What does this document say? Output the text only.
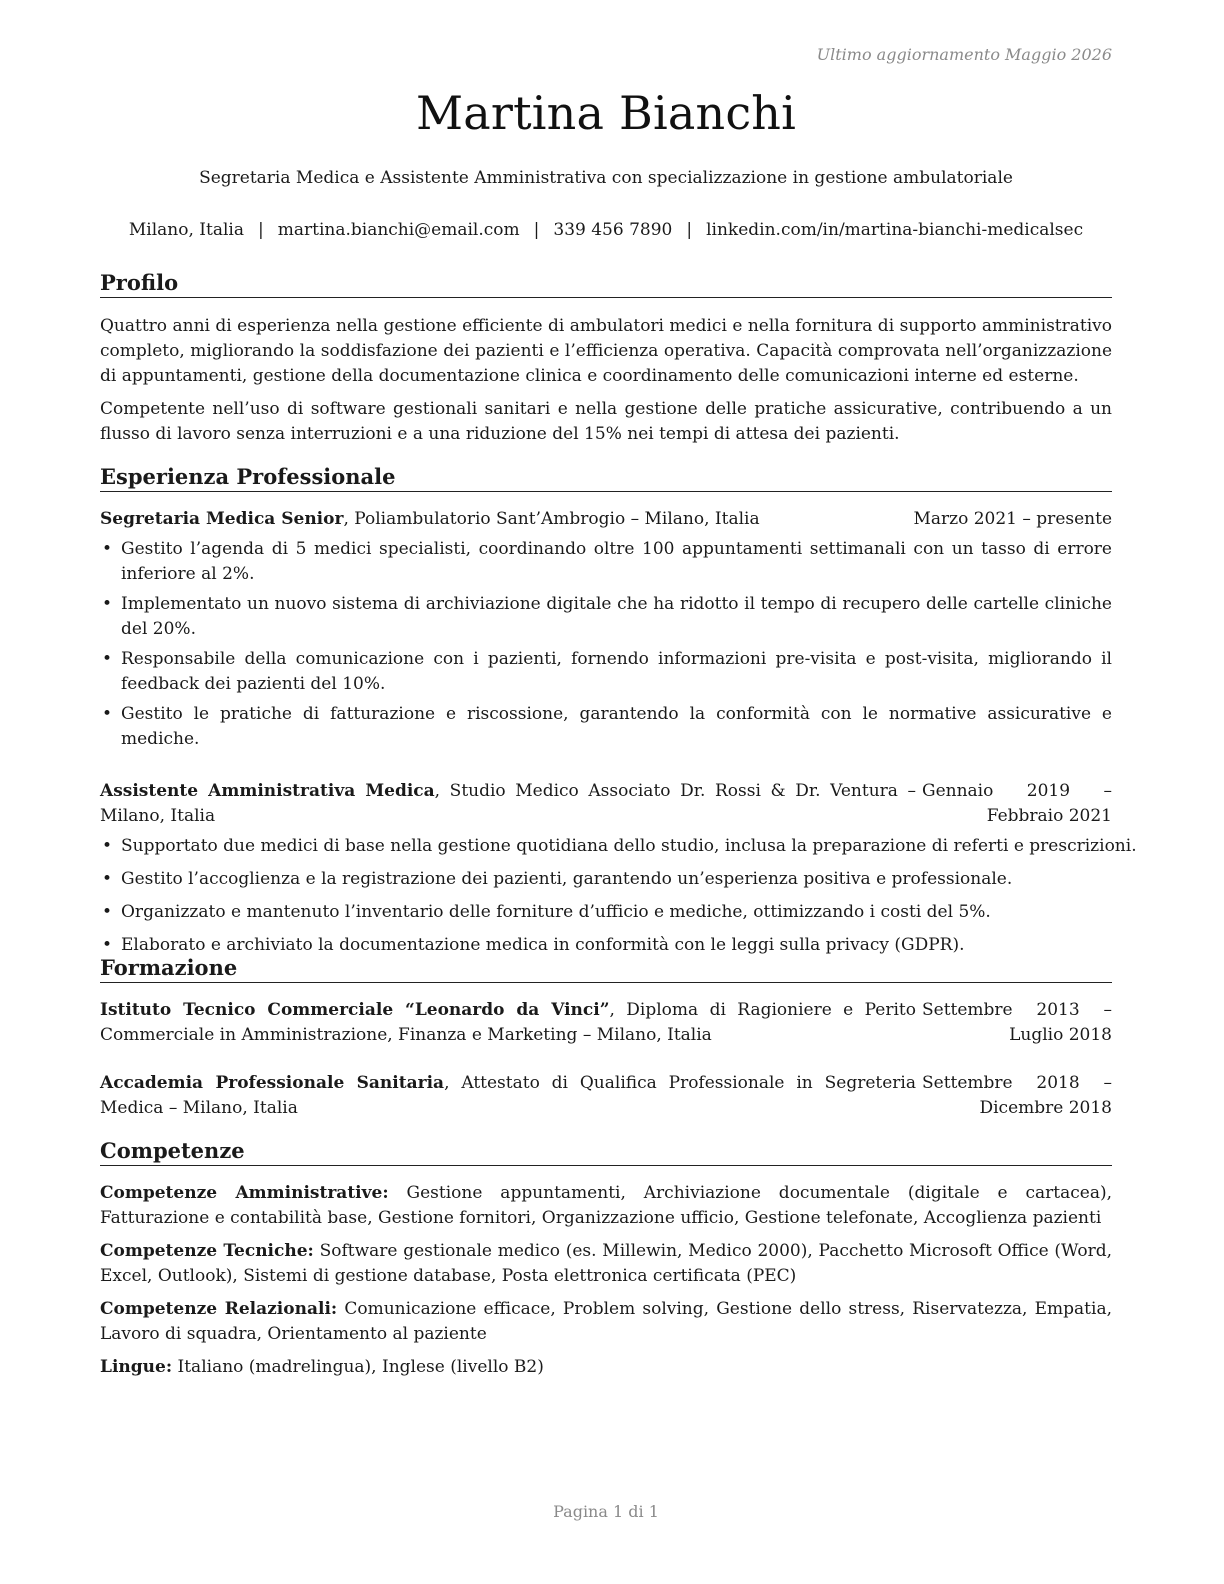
Ultimo aggiornamento Maggio 2026
Martina Bianchi
Segretaria Medica e Assistente Amministrativa con specializzazione in gestione ambulatoriale
Milano, Italia | martina.bianchi@email.com | 339 456 7890 | linkedin.com/in/martina-bianchi-medicalsec
Profilo

Quattro anni di esperienza nella gestione efficiente di ambulatori medici e nella fornitura di supporto amministrativo completo, migliorando la soddisfazione dei pazienti e l’efficienza operativa. Capacità comprovata nell’organizzazione di appuntamenti, gestione della documentazione clinica e coordinamento delle comunicazioni interne ed esterne.

Competente nell’uso di software gestionali sanitari e nella gestione delle pratiche assicurative, contribuendo a un flusso di lavoro senza interruzioni e a una riduzione del 15% nei tempi di attesa dei pazienti.

Esperienza Professionale
Segretaria Medica Senior, Poliambulatorio Sant’Ambrogio – Milano, Italia	Marzo 2021 – presente
• Gestito l’agenda di 5 medici specialisti, coordinando oltre 100 appuntamenti settimanali con un tasso di errore inferiore al 2%.
• Implementato un nuovo sistema di archiviazione digitale che ha ridotto il tempo di recupero delle cartelle cliniche del 20%.
• Responsabile della comunicazione con i pazienti, fornendo informazioni pre-visita e post-visita, migliorando il feedback dei pazienti del 10%.
• Gestito le pratiche di fatturazione e riscossione, garantendo la conformità con le normative assicurative e mediche.
Assistente Amministrativa Medica, Studio Medico Associato Dr. Rossi & Dr. Ventura – Milano, Italia
Gennaio 2019 – Febbraio 2021
• Supportato due medici di base nella gestione quotidiana dello studio, inclusa la preparazione di referti e prescrizioni.
• Gestito l’accoglienza e la registrazione dei pazienti, garantendo un’esperienza positiva e professionale.
• Organizzato e mantenuto l’inventario delle forniture d’ufficio e mediche, ottimizzando i costi del 5%.
• Elaborato e archiviato la documentazione medica in conformità con le leggi sulla privacy (GDPR).
Formazione
Istituto Tecnico Commerciale “Leonardo da Vinci”, Diploma di Ragioniere e Perito Commerciale in Amministrazione, Finanza e Marketing – Milano, Italia
Settembre 2013 – Luglio 2018
Accademia Professionale Sanitaria, Attestato di Qualifica Professionale in Segreteria Medica – Milano, Italia
Settembre 2018 – Dicembre 2018
Competenze

Competenze Amministrative: Gestione appuntamenti, Archiviazione documentale (digitale e cartacea), Fatturazione e contabilità base, Gestione fornitori, Organizzazione ufficio, Gestione telefonate, Accoglienza pazienti

Competenze Tecniche: Software gestionale medico (es. Millewin, Medico 2000), Pacchetto Microsoft Office (Word, Excel, Outlook), Sistemi di gestione database, Posta elettronica certificata (PEC)

Competenze Relazionali: Comunicazione efficace, Problem solving, Gestione dello stress, Riservatezza, Empatia, Lavoro di squadra, Orientamento al paziente

Lingue: Italiano (madrelingua), Inglese (livello B2)

Pagina 1 di 1
